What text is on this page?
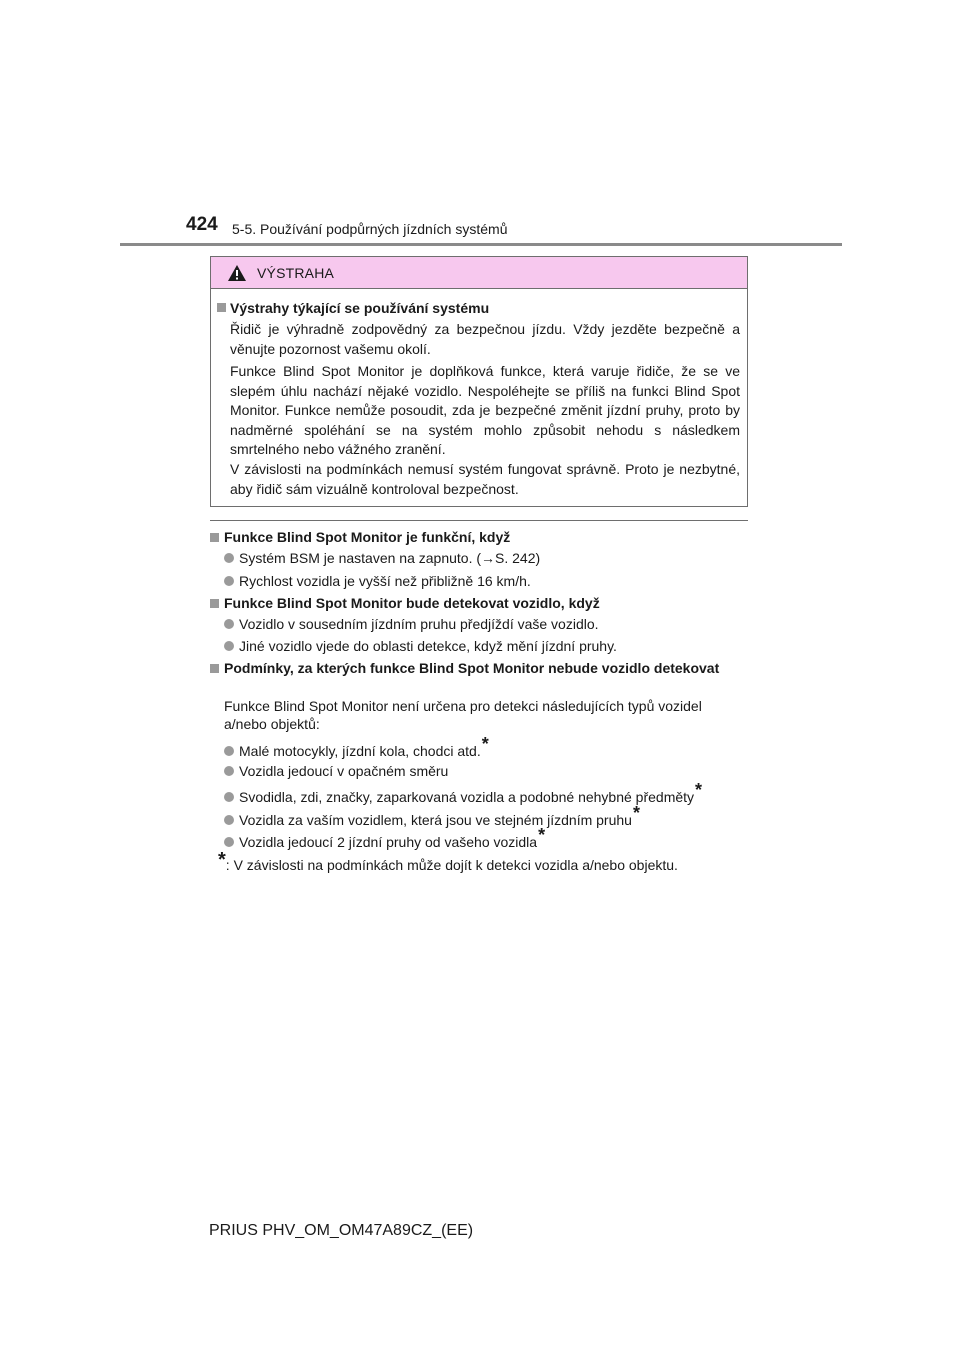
424 5-5. Používání podpůrných jízdních systémů
VÝSTRAHA
Výstrahy týkající se používání systému
Řidič je výhradně zodpovědný za bezpečnou jízdu. Vždy jezděte bezpečně a věnujte pozornost vašemu okolí.
Funkce Blind Spot Monitor je doplňková funkce, která varuje řidiče, že se ve slepém úhlu nachází nějaké vozidlo. Nespoléhejte se příliš na funkci Blind Spot Monitor. Funkce nemůže posoudit, zda je bezpečné změnit jízdní pruhy, proto by nadměrné spoléhání se na systém mohlo způsobit nehodu s následkem smrtelného nebo vážného zranění.
V závislosti na podmínkách nemusí systém fungovat správně. Proto je nezbytné, aby řidič sám vizuálně kontroloval bezpečnost.
Funkce Blind Spot Monitor je funkční, když
Systém BSM je nastaven na zapnuto. (→S. 242)
Rychlost vozidla je vyšší než přibližně 16 km/h.
Funkce Blind Spot Monitor bude detekovat vozidlo, když
Vozidlo v sousedním jízdním pruhu předjíždí vaše vozidlo.
Jiné vozidlo vjede do oblasti detekce, když mění jízdní pruhy.
Podmínky, za kterých funkce Blind Spot Monitor nebude vozidlo detekovat
Funkce Blind Spot Monitor není určena pro detekci následujících typů vozidel a/nebo objektů:
Malé motocykly, jízdní kola, chodci atd.*
Vozidla jedoucí v opačném směru
Svodidla, zdi, značky, zaparkovaná vozidla a podobné nehybné předměty*
Vozidla za vaším vozidlem, která jsou ve stejném jízdním pruhu*
Vozidla jedoucí 2 jízdní pruhy od vašeho vozidla*
*: V závislosti na podmínkách může dojít k detekci vozidla a/nebo objektu.
PRIUS PHV_OM_OM47A89CZ_(EE)
